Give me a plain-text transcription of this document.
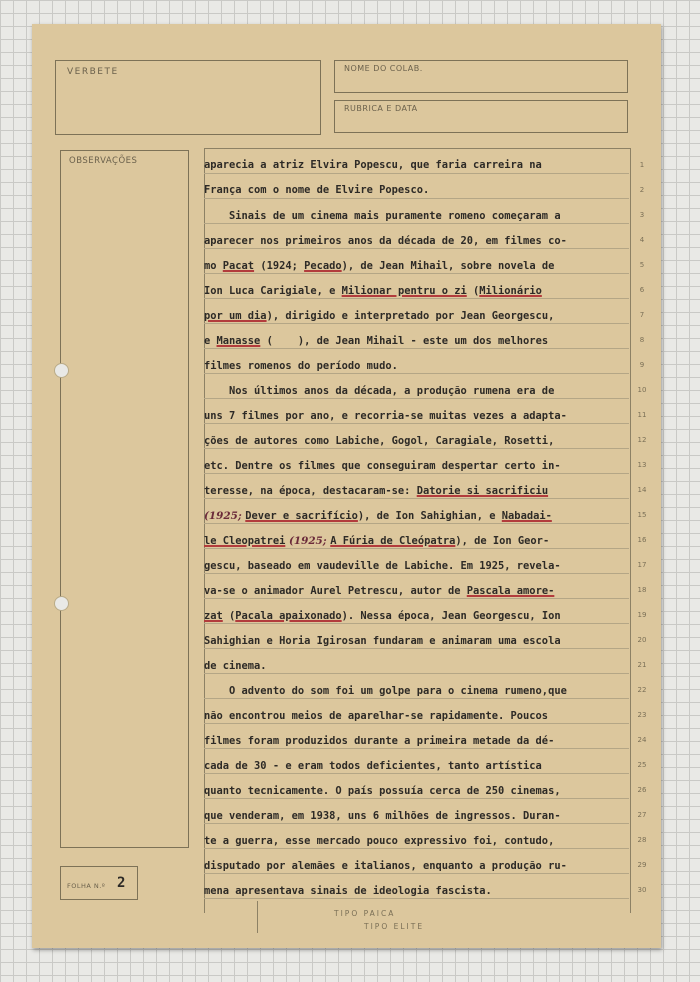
VERBETE	NOME DO COLAB.
RUBRICA E DATA
OBSERVAÇÕES
FOLHA N.º 2
1
2
3
4
5
6
7
8
9
10
11
12
13
14
15
16
17
18
19
20
21
22
23
24
25
26
27
28
29
30
aparecia a atriz Elvira Popescu, que faria carreira na
França com o nome de Elvire Popesco.
Sinais de um cinema mais puramente romeno começaram a
aparecer nos primeiros anos da década de 20, em filmes co-
mo Pacat (1924; Pecado), de Jean Mihail, sobre novela de
Ion Luca Carigiale, e Milionar pentru o zi (Milionário
por um dia), dirigido e interpretado por Jean Georgescu,
e Manasse (    ), de Jean Mihail - este um dos melhores
filmes romenos do período mudo.
Nos últimos anos da década, a produção rumena era de
uns 7 filmes por ano, e recorria-se muitas vezes a adapta-
ções de autores como Labiche, Gogol, Caragiale, Rosetti,
etc. Dentre os filmes que conseguiram despertar certo in-
teresse, na época, destacaram-se: Datorie si sacrificiu
(1925; Dever e sacrifício), de Ion Sahighian, e Nabadai-
le Cleopatrei (1925; A Fúria de Cleópatra), de Ion Geor-
gescu, baseado em vaudeville de Labiche. Em 1925, revela-
va-se o animador Aurel Petrescu, autor de Pascala amore-
zat (Pacala apaixonado). Nessa época, Jean Georgescu, Ion
Sahighian e Horia Igirosan fundaram e animaram uma escola
de cinema.
O advento do som foi um golpe para o cinema rumeno,que
não encontrou meios de aparelhar-se rapidamente. Poucos
filmes foram produzidos durante a primeira metade da dé-
cada de 30 - e eram todos deficientes, tanto artística
quanto tecnicamente. O país possuía cerca de 250 cinemas,
que venderam, em 1938, uns 6 milhões de ingressos. Duran-
te a guerra, esse mercado pouco expressivo foi, contudo,
disputado por alemães e italianos, enquanto a produção ru-
mena apresentava sinais de ideologia fascista.
TIPO PAICA
TIPO ELITE
